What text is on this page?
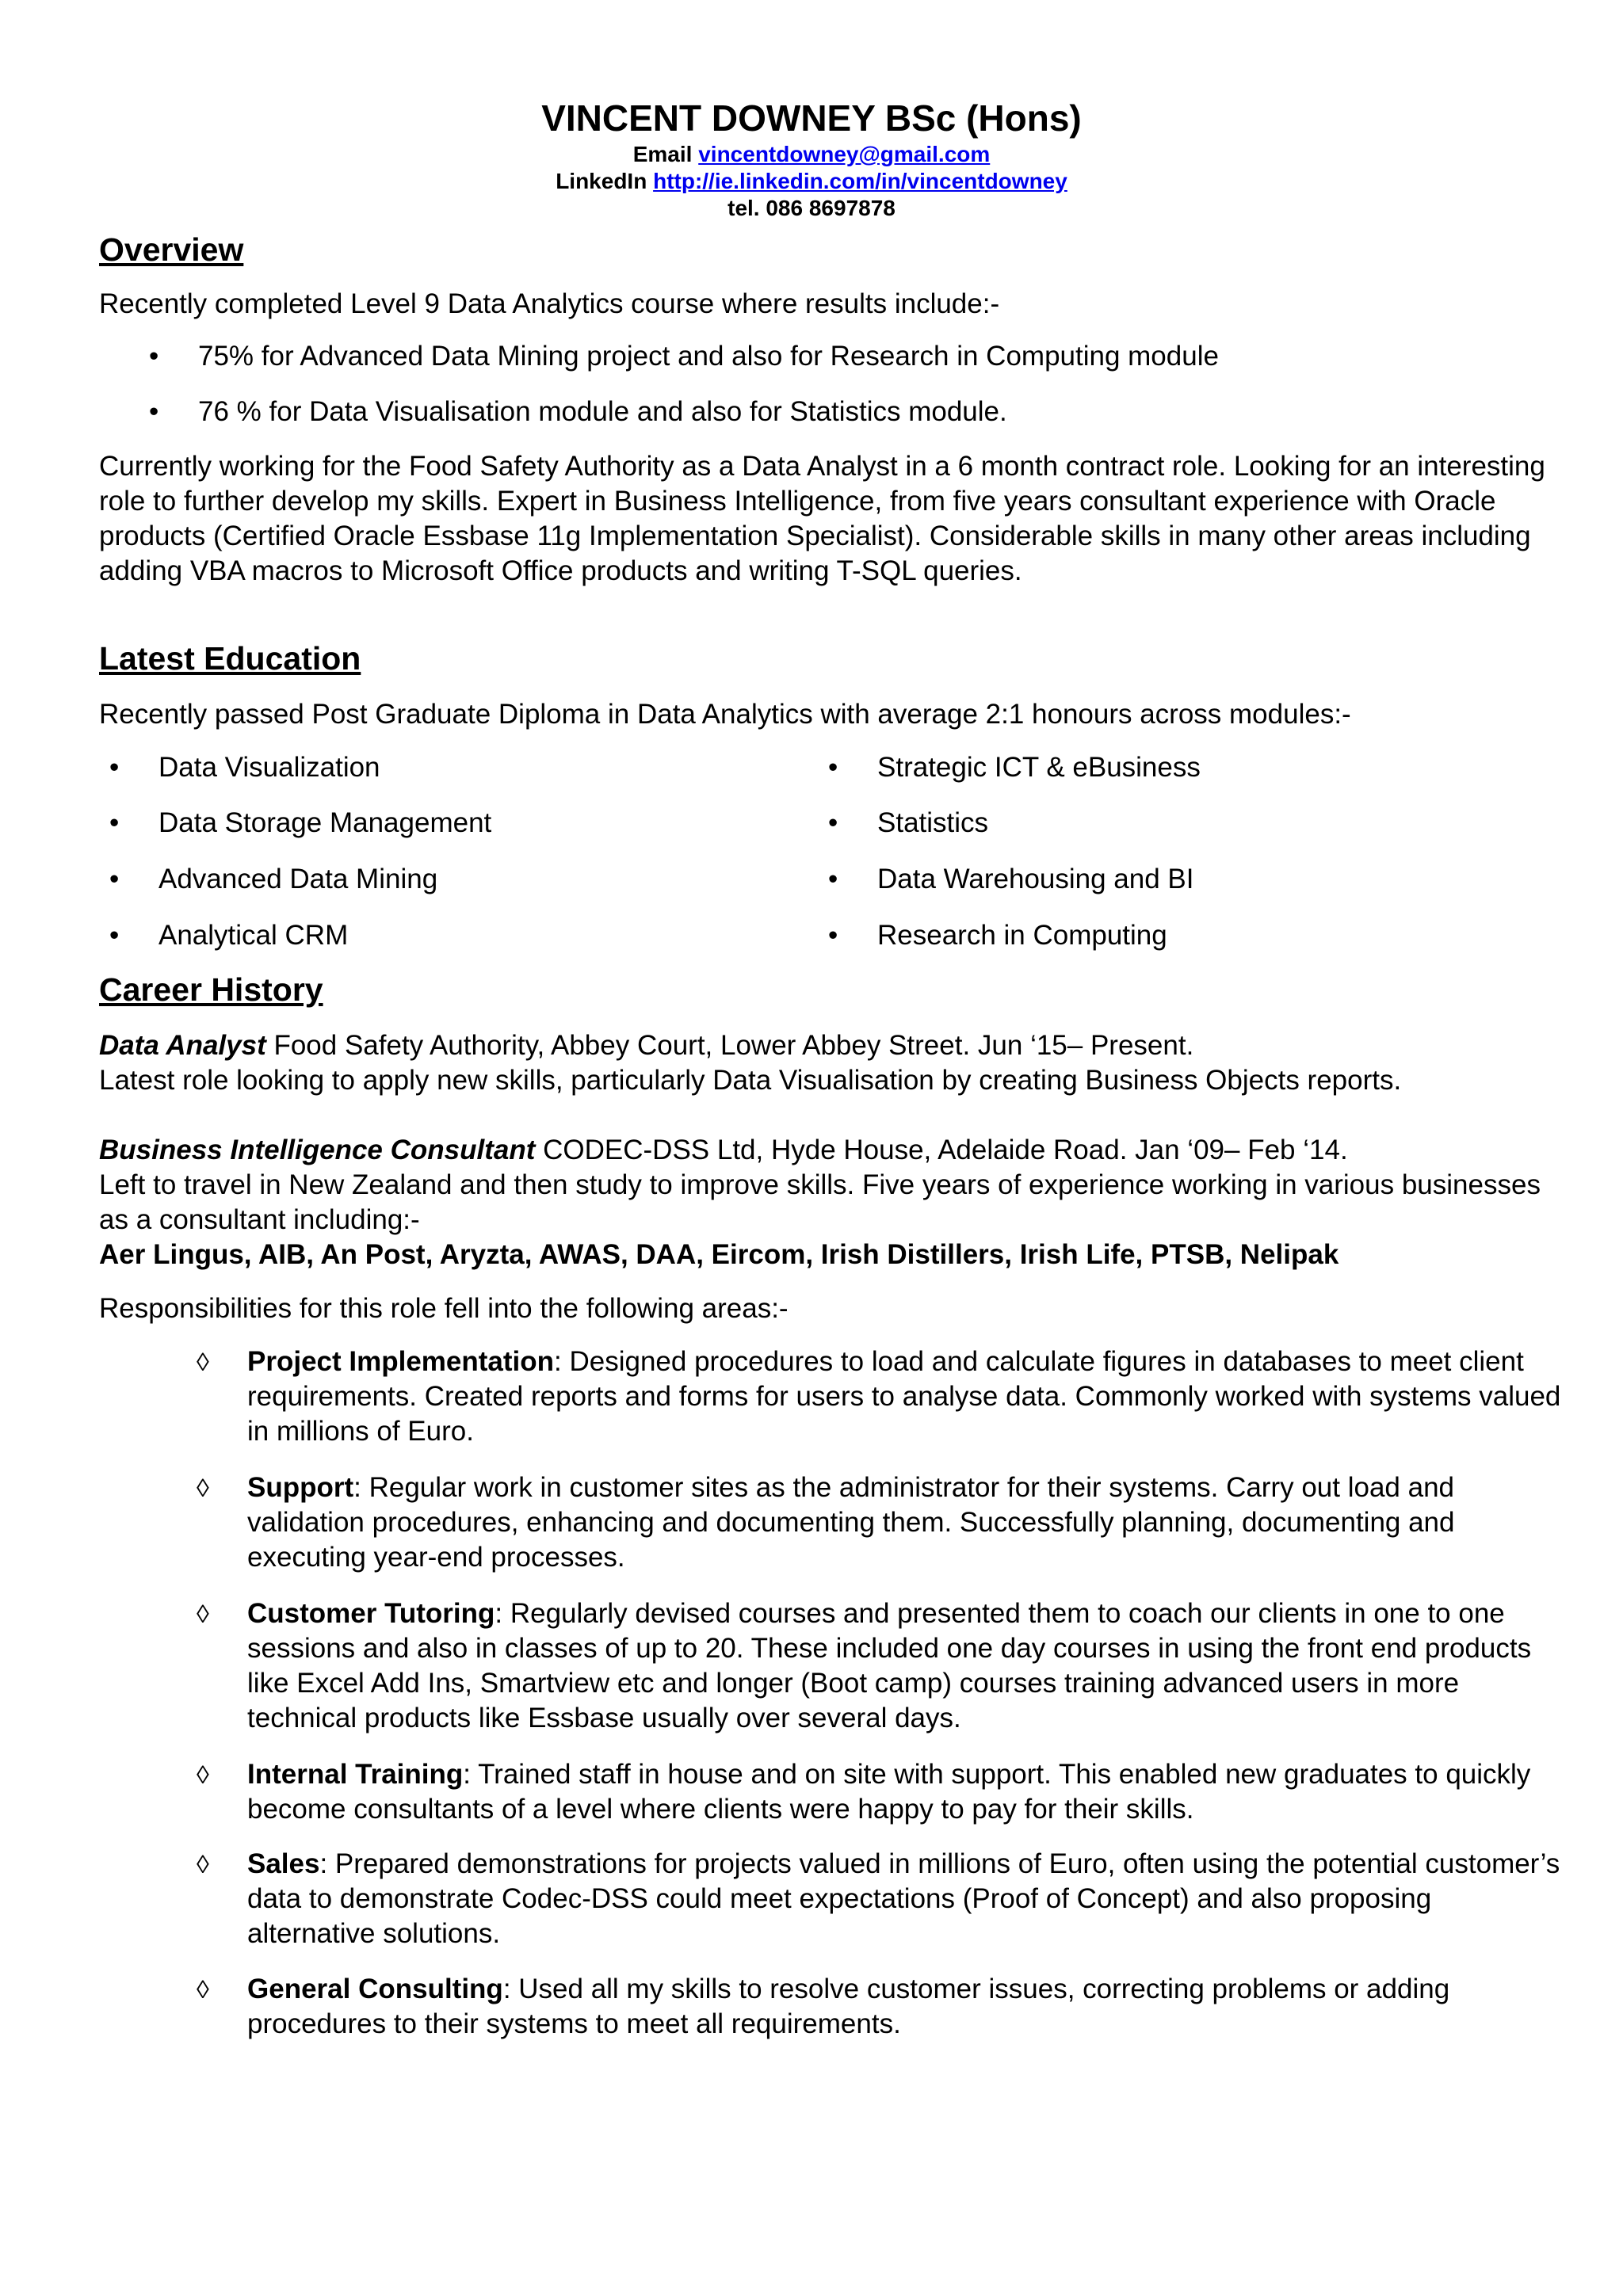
VINCENT DOWNEY BSc (Hons)
Email vincentdowney@gmail.com
LinkedIn http://ie.linkedin.com/in/vincentdowney
tel. 086 8697878
Overview
Recently completed Level 9 Data Analytics course where results include:-
• 75% for Advanced Data Mining project and also for Research in Computing module
• 76 % for Data Visualisation module and also for Statistics module.
Currently working for the Food Safety Authority as a Data Analyst in a 6 month contract role. Looking for an interesting role to further develop my skills. Expert in Business Intelligence, from five years consultant experience with Oracle products (Certified Oracle Essbase 11g Implementation Specialist). Considerable skills in many other areas including adding VBA macros to Microsoft Office products and writing T-SQL queries.
Latest Education
Recently passed Post Graduate Diploma in Data Analytics with average 2:1 honours across modules:-
• Data Visualization
• Data Storage Management
• Advanced Data Mining
• Analytical CRM
• Strategic ICT & eBusiness
• Statistics
• Data Warehousing and BI
• Research in Computing
Career History
Data Analyst Food Safety Authority, Abbey Court, Lower Abbey Street. Jun ‘15– Present.
Latest role looking to apply new skills, particularly Data Visualisation by creating Business Objects reports.
Business Intelligence Consultant CODEC-DSS Ltd, Hyde House, Adelaide Road. Jan ‘09– Feb ‘14.
Left to travel in New Zealand and then study to improve skills. Five years of experience working in various businesses as a consultant including:-
Aer Lingus, AIB, An Post, Aryzta, AWAS, DAA, Eircom, Irish Distillers, Irish Life, PTSB, Nelipak
Responsibilities for this role fell into the following areas:-
◊ Project Implementation: Designed procedures to load and calculate figures in databases to meet client requirements. Created reports and forms for users to analyse data. Commonly worked with systems valued in millions of Euro.
◊ Support: Regular work in customer sites as the administrator for their systems. Carry out load and validation procedures, enhancing and documenting them. Successfully planning, documenting and executing year-end processes.
◊ Customer Tutoring: Regularly devised courses and presented them to coach our clients in one to one sessions and also in classes of up to 20. These included one day courses in using the front end products like Excel Add Ins, Smartview etc and longer (Boot camp) courses training advanced users in more technical products like Essbase usually over several days.
◊ Internal Training: Trained staff in house and on site with support. This enabled new graduates to quickly become consultants of a level where clients were happy to pay for their skills.
◊ Sales: Prepared demonstrations for projects valued in millions of Euro, often using the potential customer’s data to demonstrate Codec-DSS could meet expectations (Proof of Concept) and also proposing alternative solutions.
◊ General Consulting: Used all my skills to resolve customer issues, correcting problems or adding procedures to their systems to meet all requirements.
